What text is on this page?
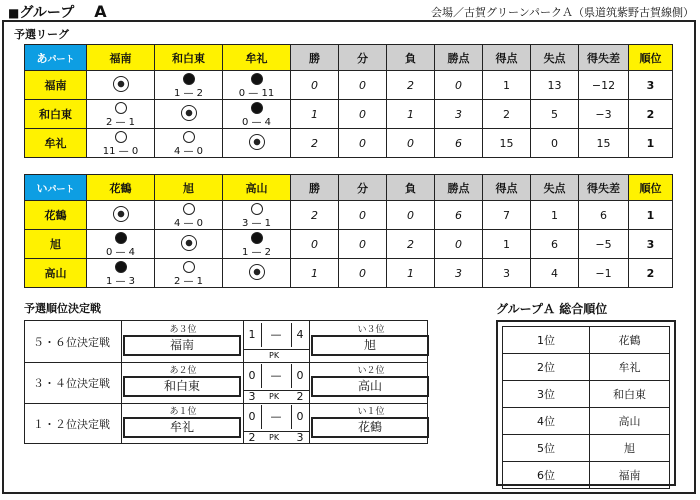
■グループ A	会場／古賀グリーンパークＡ（県道筑紫野古賀線側）
予選リーグ
あパート	福南	和白東	牟礼	勝	分	負	勝点	得点	失点	得失差	順位
福南		1 — 2	0 — 11	0	0	2	0	1	13	−12	3
和白東	2 — 1		0 — 4	1	0	1	3	2	5	−3	2
牟礼	11 — 0	4 — 0		2	0	0	6	15	0	15	1
いパート	花鶴	旭	高山	勝	分	負	勝点	得点	失点	得失差	順位
花鶴		4 — 0	3 — 1	2	0	0	6	7	1	6	1
旭	0 — 4		1 — 2	0	0	2	0	1	6	−5	3
高山	1 — 3	2 — 1		1	0	1	3	3	4	−1	2
予選順位決定戦
５・６位決定戦
あ３位
福南
い３位
旭
1	—	4
PK
３・４位決定戦
あ２位
和白東
い２位
高山
0	—	0
3	PK	2
１・２位決定戦
あ１位
牟礼
い１位
花鶴
0	—	0
2	PK	3
グループＡ 総合順位
1位	花鶴
2位	牟礼
3位	和白東
4位	高山
5位	旭
6位	福南
